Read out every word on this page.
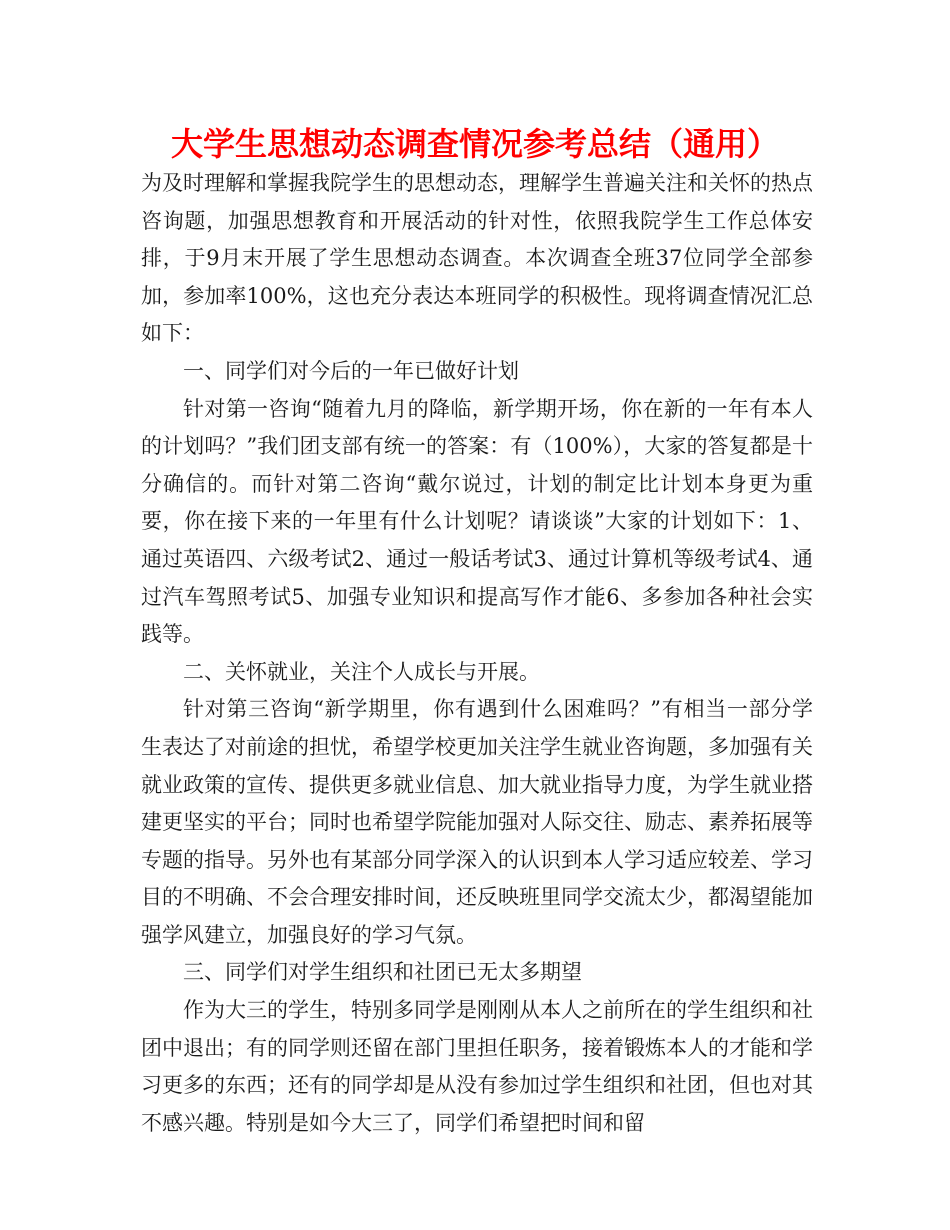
大学生思想动态调查情况参考总结（通用）

为及时理解和掌握我院学生的思想动态，理解学生普遍关注和关怀的热点咨询题，加强思想教育和开展活动的针对性，依照我院学生工作总体安排，于9月末开展了学生思想动态调查。本次调查全班37位同学全部参加，参加率100%，这也充分表达本班同学的积极性。现将调查情况汇总如下：

一、同学们对今后的一年已做好计划

针对第一咨询“随着九月的降临，新学期开场，你在新的一年有本人的计划吗？”我们团支部有统一的答案：有（100%），大家的答复都是十分确信的。而针对第二咨询“戴尔说过，计划的制定比计划本身更为重要，你在接下来的一年里有什么计划呢？请谈谈”大家的计划如下：1、通过英语四、六级考试2、通过一般话考试3、通过计算机等级考试4、通过汽车驾照考试5、加强专业知识和提高写作才能6、多参加各种社会实践等。

二、关怀就业，关注个人成长与开展。

针对第三咨询“新学期里，你有遇到什么困难吗？”有相当一部分学生表达了对前途的担忧，希望学校更加关注学生就业咨询题，多加强有关就业政策的宣传、提供更多就业信息、加大就业指导力度，为学生就业搭建更坚实的平台；同时也希望学院能加强对人际交往、励志、素养拓展等专题的指导。另外也有某部分同学深入的认识到本人学习适应较差、学习目的不明确、不会合理安排时间，还反映班里同学交流太少，都渴望能加强学风建立，加强良好的学习气氛。

三、同学们对学生组织和社团已无太多期望

作为大三的学生，特别多同学是刚刚从本人之前所在的学生组织和社团中退出；有的同学则还留在部门里担任职务，接着锻炼本人的才能和学习更多的东西；还有的同学却是从没有参加过学生组织和社团，但也对其不感兴趣。特别是如今大三了，同学们希望把时间和留
